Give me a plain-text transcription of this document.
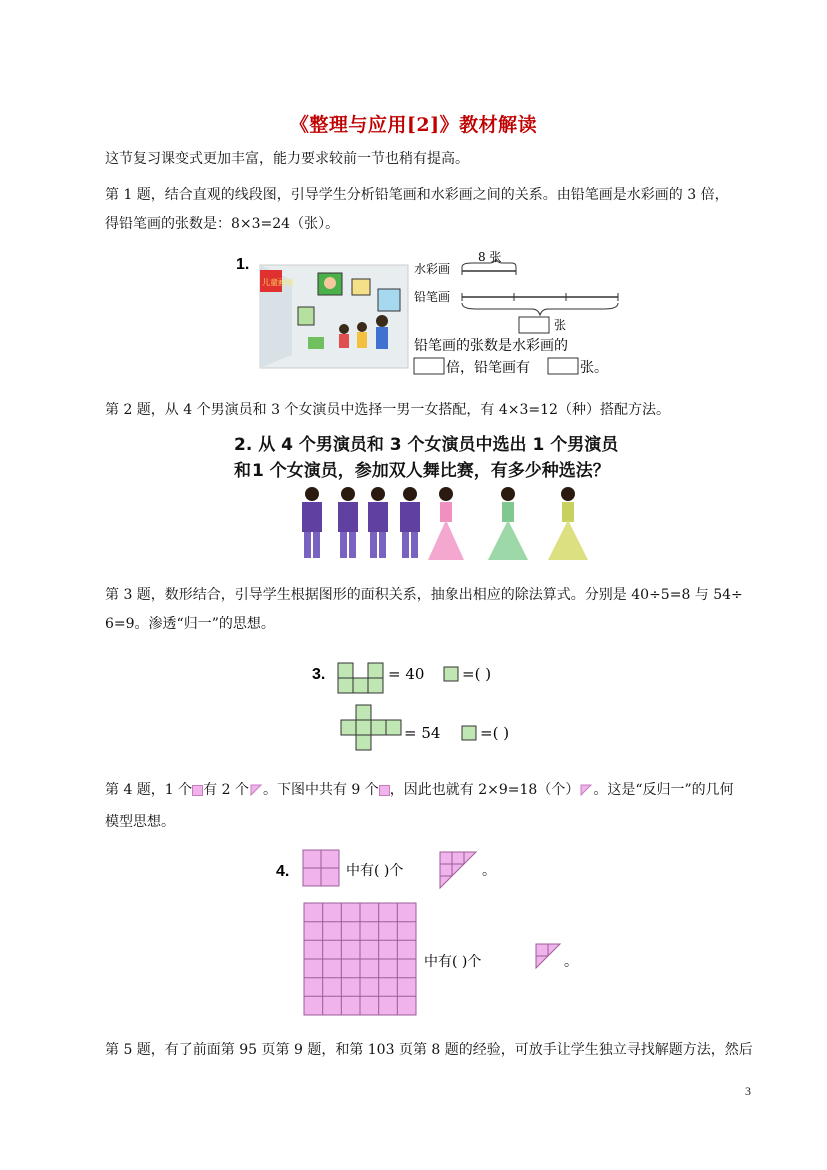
《整理与应用[2]》教材解读
这节复习课变式更加丰富，能力要求较前一节也稍有提高。
第 1 题，结合直观的线段图，引导学生分析铅笔画和水彩画之间的关系。由铅笔画是水彩画的 3 倍，
得铅笔画的张数是：8×3=24（张）。
1.
儿童画展
水彩画
铅笔画
8 张
张
铅笔画的张数是水彩画的
倍，铅笔画有	张。
第 2 题，从 4 个男演员和 3 个女演员中选择一男一女搭配，有 4×3=12（种）搭配方法。
2. 从 4 个男演员和 3 个女演员中选出 1 个男演员和 1 个女演员，参加双人舞比赛，有多少种选法？
第 3 题，数形结合，引导学生根据图形的面积关系，抽象出相应的除法算式。分别是 40÷5=8 与 54÷
6=9。渗透“归一”的思想。
3.	= 40	=( )
= 54	=( )
第 4 题，1 个 有 2 个 。下图中共有 9 个 ，因此也就有 2×9=18（个） 。这是“反归一”的几何
模型思想。
4.	中有( )个	。
中有( )个	。
第 5 题，有了前面第 95 页第 9 题，和第 103 页第 8 题的经验，可放手让学生独立寻找解题方法，然后
3
